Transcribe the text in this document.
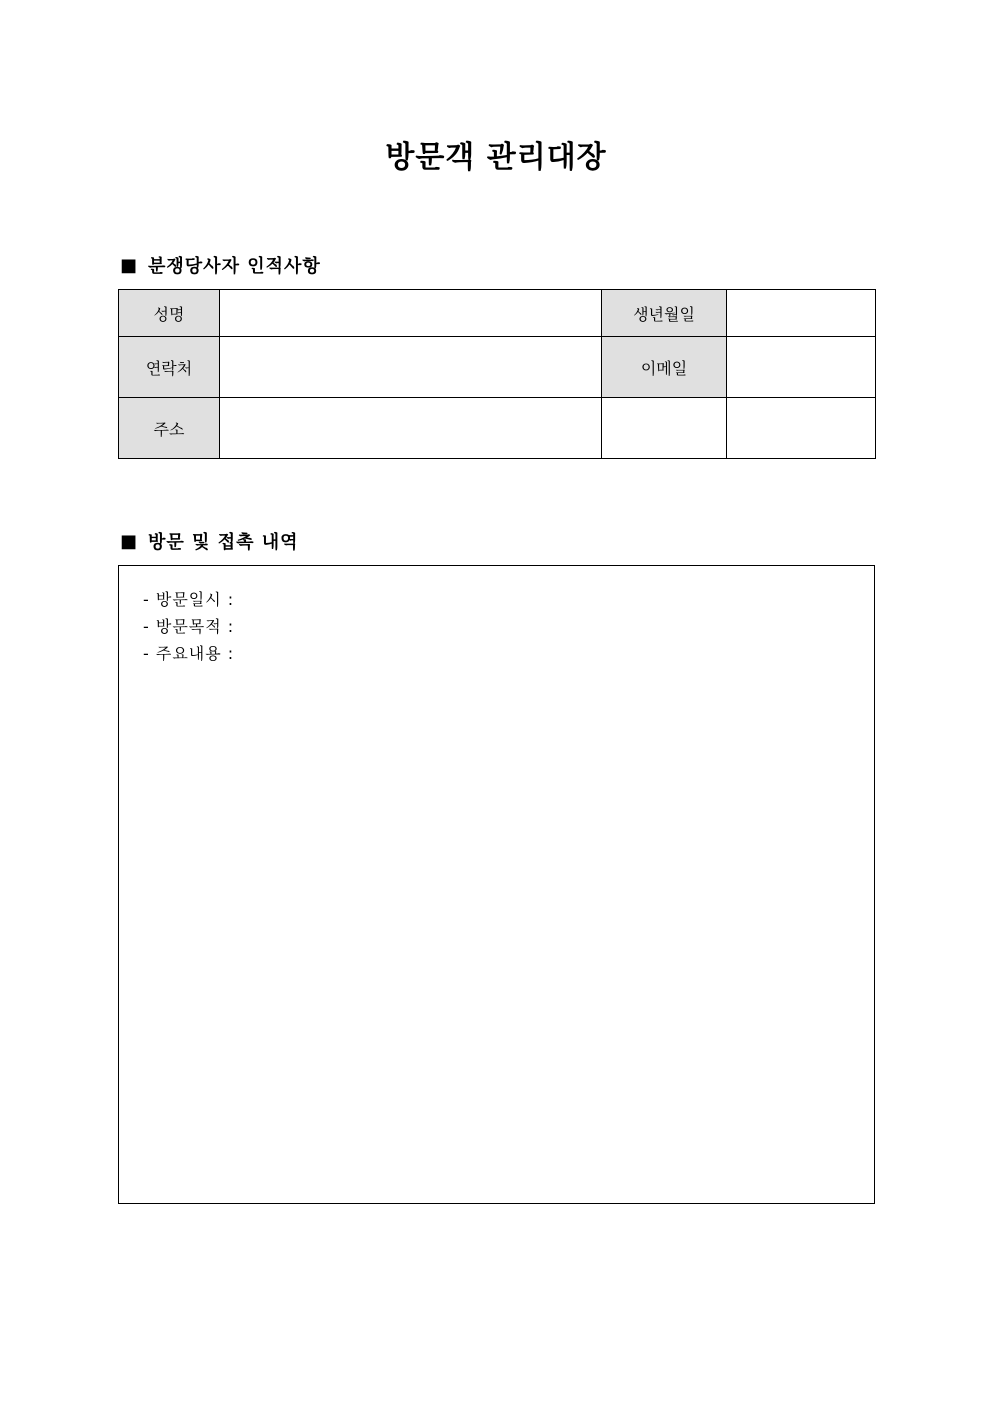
방문객 관리대장
■ 분쟁당사자 인적사항
성명		생년월일	
연락처		이메일	
주소			
■ 방문 및 접촉 내역
- 방문일시 :
- 방문목적 :
- 주요내용 :
